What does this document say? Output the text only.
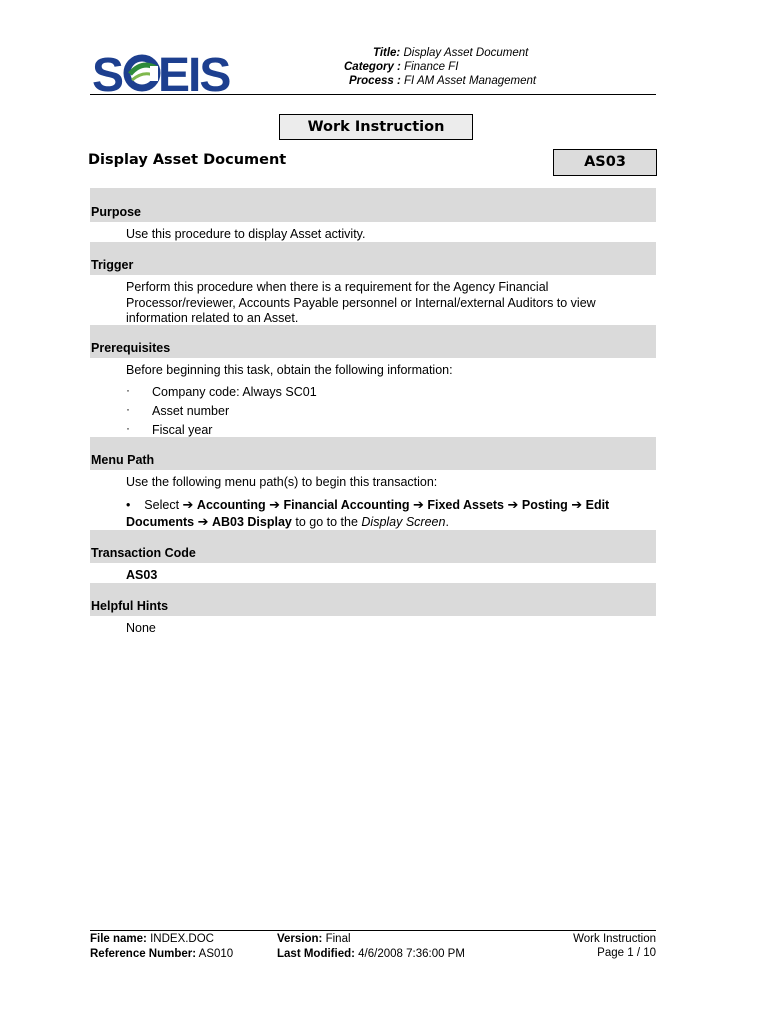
S EIS	Title: Display Asset Document
Category : Finance FI
Process : FI AM Asset Management
Work Instruction
Display Asset Document	AS03
Purpose
Use this procedure to display Asset activity.
Trigger
Perform this procedure when there is a requirement for the Agency Financial
Processor/reviewer, Accounts Payable personnel or Internal/external Auditors to view
information related to an Asset.
Prerequisites
Before beginning this task, obtain the following information:
· Company code: Always SC01
· Asset number
· Fiscal year
Menu Path
Use the following menu path(s) to begin this transaction:
• Select ➔ Accounting ➔ Financial Accounting ➔ Fixed Assets ➔ Posting ➔ Edit
Documents ➔ AB03 Display to go to the Display Screen.
Transaction Code
AS03
Helpful Hints
None
File name: INDEX.DOC
Reference Number: AS010
Version: Final
Last Modified: 4/6/2008 7:36:00 PM
Work Instruction
Page 1 / 10
